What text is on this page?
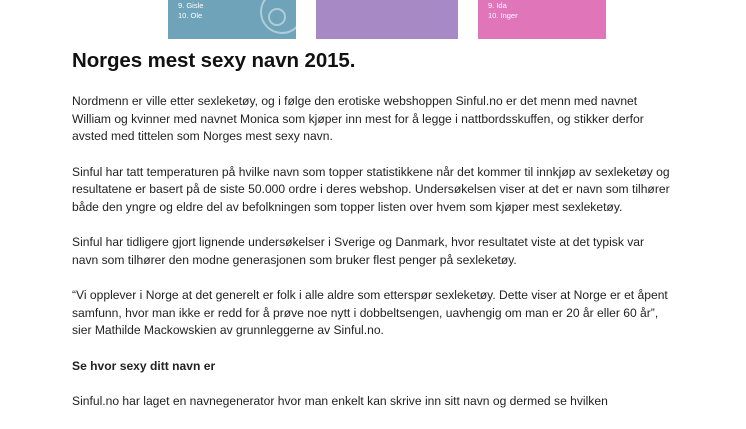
9. Gisle
10. Ole
9. Ida
10. Inger
Norges mest sexy navn 2015.

Nordmenn er ville etter sexleketøy, og i følge den erotiske webshoppen Sinful.no er det menn med navnet William og kvinner med navnet Monica som kjøper inn mest for å legge i nattbordsskuffen, og stikker derfor avsted med tittelen som Norges mest sexy navn.

Sinful har tatt temperaturen på hvilke navn som topper statistikkene når det kommer til innkjøp av sexleketøy og resultatene er basert på de siste 50.000 ordre i deres webshop. Undersøkelsen viser at det er navn som tilhører både den yngre og eldre del av befolkningen som topper listen over hvem som kjøper mest sexleketøy.

Sinful har tidligere gjort lignende undersøkelser i Sverige og Danmark, hvor resultatet viste at det typisk var navn som tilhører den modne generasjonen som bruker flest penger på sexleketøy.

“Vi opplever i Norge at det generelt er folk i alle aldre som etterspør sexleketøy. Dette viser at Norge er et åpent samfunn, hvor man ikke er redd for å prøve noe nytt i dobbeltsengen, uavhengig om man er 20 år eller 60 år”, sier Mathilde Mackowskien av grunnleggerne av Sinful.no.

Se hvor sexy ditt navn er

Sinful.no har laget en navnegenerator hvor man enkelt kan skrive inn sitt navn og dermed se hvilken
